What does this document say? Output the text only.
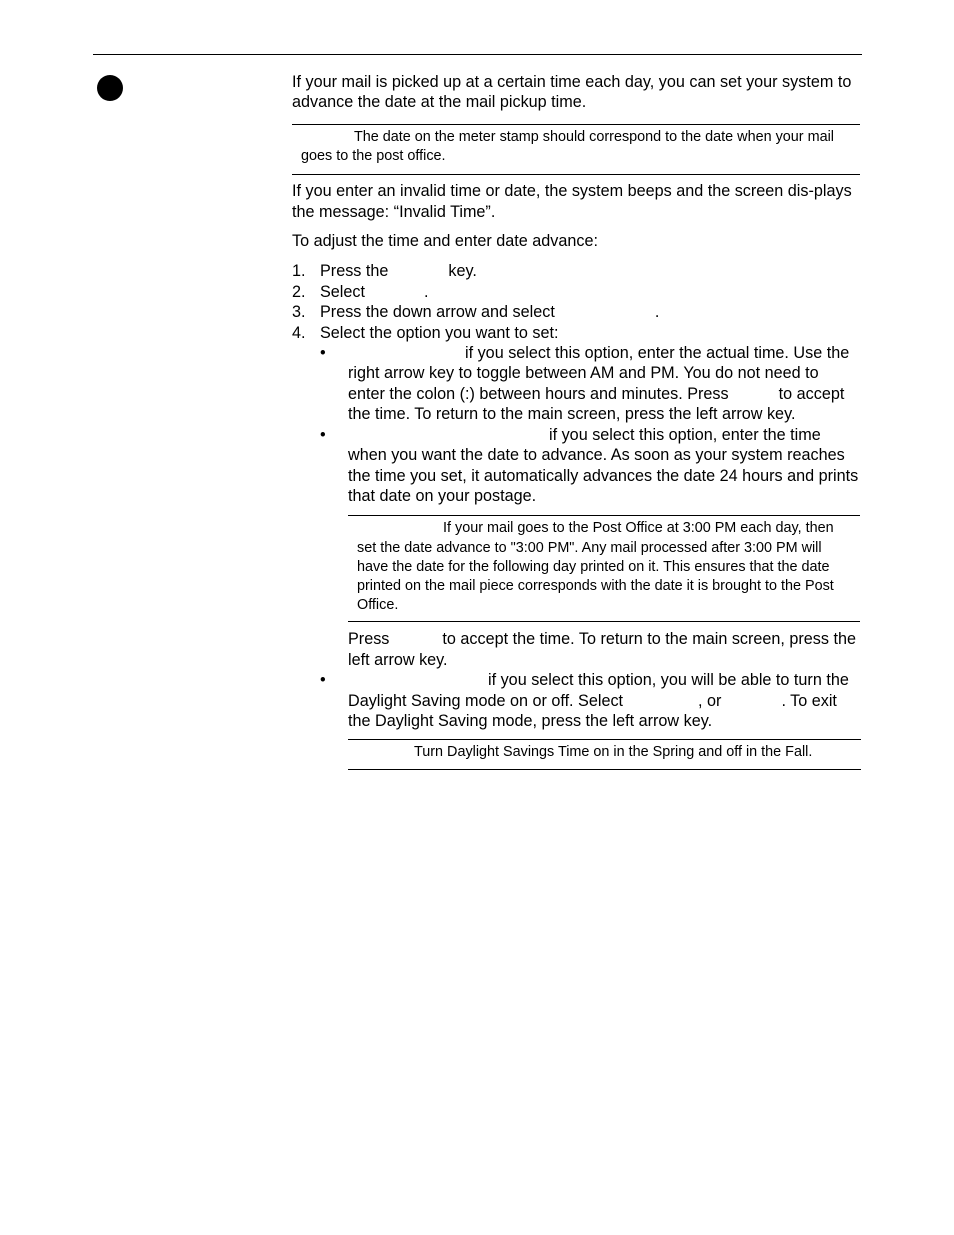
If your mail is picked up at a certain time each day, you can set your system to advance the date at the mail pickup time.

The date on the meter stamp should correspond to the date when your mail goes to the post office.

If you enter an invalid time or date, the system beeps and the screen dis-plays the message: “Invalid Time”.

To adjust the time and enter date advance:

1. Press the	key.
2. Select	.
3. Press the down arrow and select	.
4. Select the option you want to set:
•	if you select this option, enter the actual time. Use the right arrow key to toggle between AM and PM. You do not need to enter the colon (:) between hours and minutes. Press	to accept the time. To return to the main screen, press the left arrow key.
•	if you select this option, enter the time when you want the date to advance. As soon as your system reaches the time you set, it automatically advances the date 24 hours and prints that date on your postage.
If your mail goes to the Post Office at 3:00 PM each day, then set the date advance to "3:00 PM". Any mail processed after 3:00 PM will have the date for the following day printed on it. This ensures that the date printed on the mail piece corresponds with the date it is brought to the Post Office.

Press	to accept the time. To return to the main screen, press the left arrow key.

•	if you select this option, you will be able to turn the Daylight Saving mode on or off. Select	, or	. To exit the Daylight Saving mode, press the left arrow key.
Turn Daylight Savings Time on in the Spring and off in the Fall.
